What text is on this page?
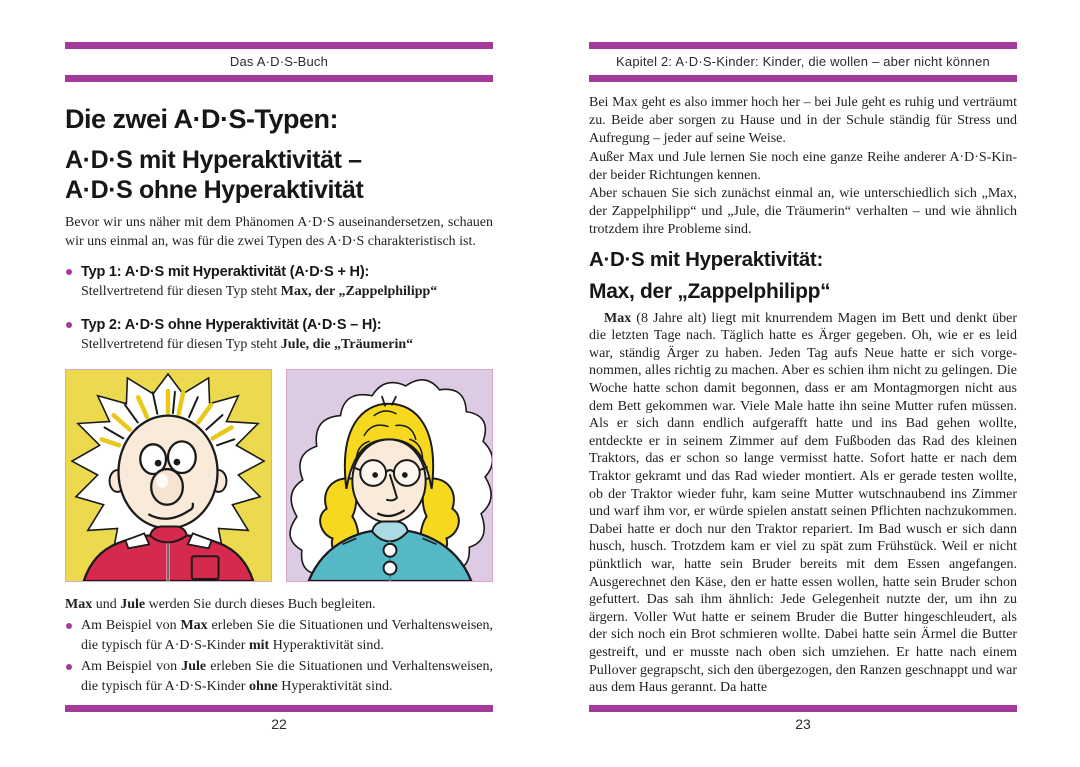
Das A·D·S-Buch
Die zwei A·D·S-Typen:
A·D·S mit Hyperaktivität –
A·D·S ohne Hyperaktivität

Bevor wir uns näher mit dem Phänomen A·D·S auseinandersetzen, schauen wir uns einmal an, was für die zwei Typen des A·D·S charakteristisch ist.

Typ 1: A·D·S mit Hyperaktivität (A·D·S + H):
Stellvertretend für diesen Typ steht Max, der „Zappelphilipp“
Typ 2: A·D·S ohne Hyperaktivität (A·D·S – H):
Stellvertretend für diesen Typ steht Jule, die „Träumerin“
Max und Jule werden Sie durch dieses Buch begleiten.
Am Beispiel von Max erleben Sie die Situationen und Verhaltensweisen, die typisch für A·D·S-Kinder mit Hyperaktivität sind.
Am Beispiel von Jule erleben Sie die Situationen und Verhaltensweisen, die typisch für A·D·S-Kinder ohne Hyperaktivität sind.
Kapitel 2: A·D·S-Kinder: Kinder, die wollen – aber nicht können

Bei Max geht es also immer hoch her – bei Jule geht es ruhig und verträumt zu. Beide aber sorgen zu Hause und in der Schule ständig für Stress und Aufregung – jeder auf seine Weise.

Außer Max und Jule lernen Sie noch eine ganze Reihe anderer A·D·S-Kinder beider Richtungen kennen.

Aber schauen Sie sich zunächst einmal an, wie unterschiedlich sich „Max, der Zappelphilipp“ und „Jule, die Träumerin“ verhalten – und wie ähnlich trotzdem ihre Probleme sind.

A·D·S mit Hyperaktivität:
Max, der „Zappelphilipp“

Max (8 Jahre alt) liegt mit knurrendem Magen im Bett und denkt über die letzten Tage nach. Täglich hatte es Ärger gegeben. Oh, wie er es leid war, ständig Ärger zu haben. Jeden Tag aufs Neue hatte er sich vorgenommen, alles richtig zu machen. Aber es schien ihm nicht zu gelingen. Die Woche hatte schon damit begonnen, dass er am Montagmorgen nicht aus dem Bett gekommen war. Viele Male hatte ihn seine Mutter rufen müssen. Als er sich dann endlich aufgerafft hatte und ins Bad gehen wollte, entdeckte er in seinem Zimmer auf dem Fußboden das Rad des kleinen Traktors, das er schon so lange vermisst hatte. Sofort hatte er nach dem Traktor gekramt und das Rad wieder montiert. Als er gerade testen wollte, ob der Traktor wieder fuhr, kam seine Mutter wutschnaubend ins Zimmer und warf ihm vor, er würde spielen anstatt seinen Pflichten nachzukommen. Dabei hatte er doch nur den Traktor repariert. Im Bad wusch er sich dann husch, husch. Trotzdem kam er viel zu spät zum Frühstück. Weil er nicht pünktlich war, hatte sein Bruder bereits mit dem Essen angefangen. Ausgerechnet den Käse, den er hatte essen wollen, hatte sein Bruder schon gefuttert. Das sah ihm ähnlich: Jede Gelegenheit nutzte der, um ihn zu ärgern. Voller Wut hatte er seinem Bruder die Butter hingeschleudert, als der sich noch ein Brot schmieren wollte. Dabei hatte sein Ärmel die Butter gestreift, und er musste nach oben sich umziehen. Er hatte nach einem Pullover gegrapscht, sich den übergezogen, den Ranzen geschnappt und war aus dem Haus gerannt. Da hatte

22	23
